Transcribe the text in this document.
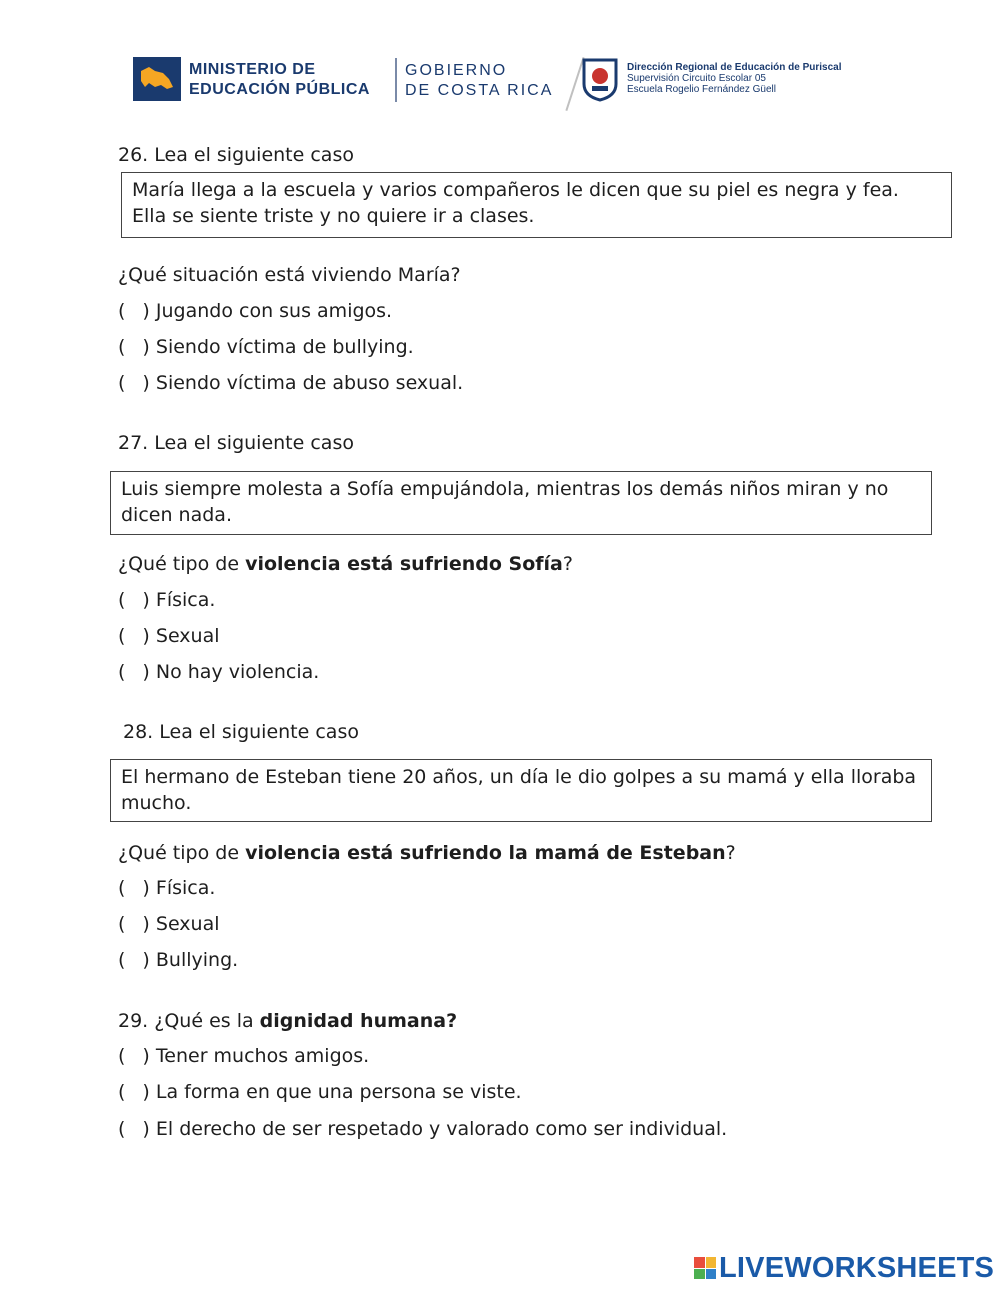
MINISTERIO DE
EDUCACIÓN PÚBLICA
GOBIERNO
DE COSTA RICA
Dirección Regional de Educación de Puriscal
Supervisión Circuito Escolar 05
Escuela Rogelio Fernández Güell
26. Lea el siguiente caso
María llega a la escuela y varios compañeros le dicen que su piel es negra y fea.
Ella se siente triste y no quiere ir a clases.
¿Qué situación está viviendo María?
( ) Jugando con sus amigos.
( ) Siendo víctima de bullying.
( ) Siendo víctima de abuso sexual.
27. Lea el siguiente caso
Luis siempre molesta a Sofía empujándola, mientras los demás niños miran y no
dicen nada.
¿Qué tipo de violencia está sufriendo Sofía?
( ) Física.
( ) Sexual
( ) No hay violencia.
28. Lea el siguiente caso
El hermano de Esteban tiene 20 años, un día le dio golpes a su mamá y ella lloraba
mucho.
¿Qué tipo de violencia está sufriendo la mamá de Esteban?
( ) Física.
( ) Sexual
( ) Bullying.
29. ¿Qué es la dignidad humana?
( ) Tener muchos amigos.
( ) La forma en que una persona se viste.
( ) El derecho de ser respetado y valorado como ser individual.
LIVEWORKSHEETS
